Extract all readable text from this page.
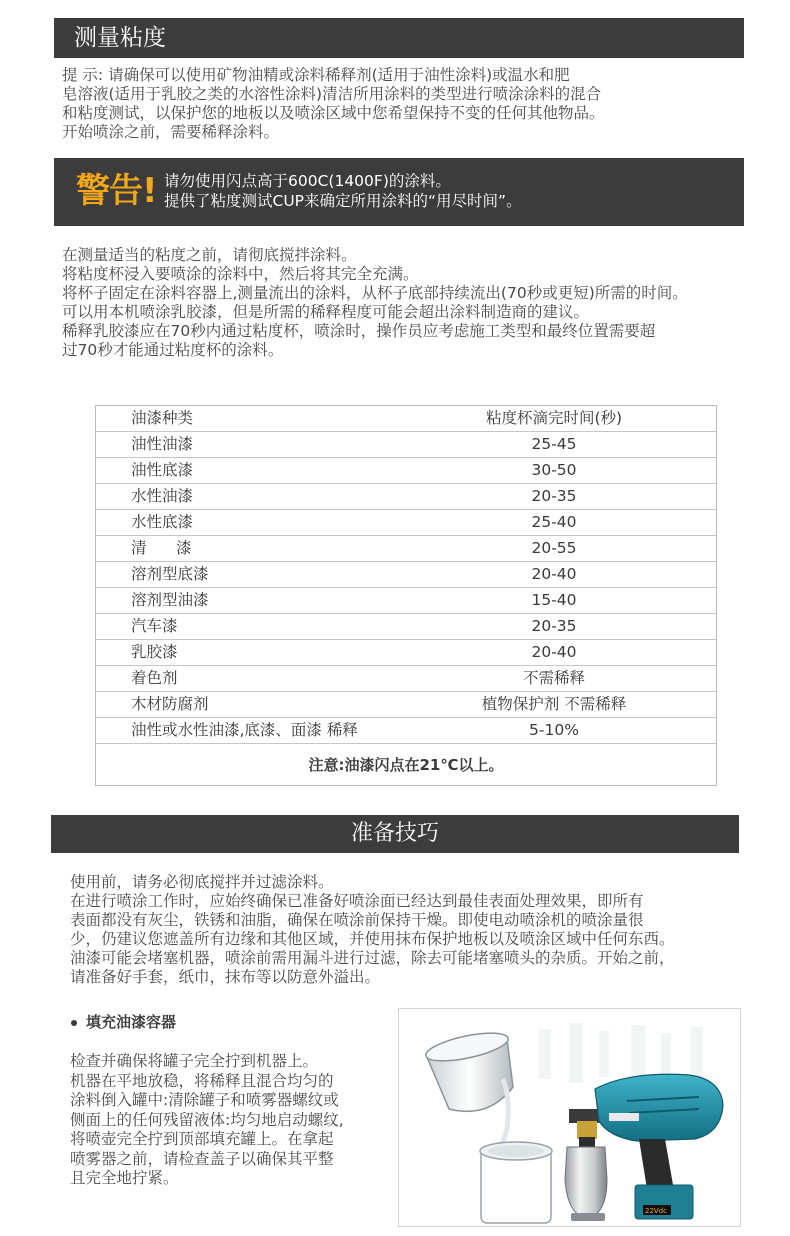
测量粘度
提 示: 请确保可以使用矿物油精或涂料稀释剂(适用于油性涂料)或温水和肥
皂溶液(适用于乳胶之类的水溶性涂料)清洁所用涂料的类型进行喷涂涂料的混合
和粘度测试，以保护您的地板以及喷涂区域中您希望保持不变的任何其他物品。
开始喷涂之前，需要稀释涂料。
警告! 请勿使用闪点高于600C(1400F)的涂料。
提供了粘度测试CUP来确定所用涂料的“用尽时间”。
在测量适当的粘度之前，请彻底搅拌涂料。
将粘度杯浸入要喷涂的涂料中，然后将其完全充满。
将杯子固定在涂料容器上,测量流出的涂料，从杯子底部持续流出(70秒或更短)所需的时间。
可以用本机喷涂乳胶漆，但是所需的稀释程度可能会超出涂料制造商的建议。
稀释乳胶漆应在70秒内通过粘度杯，喷涂时，操作员应考虑施工类型和最终位置需要超
过70秒才能通过粘度杯的涂料。
油漆种类	粘度杯滴完时间(秒)
油性油漆	25-45
油性底漆	30-50
水性油漆	20-35
水性底漆	25-40
清      漆	20-55
溶剂型底漆	20-40
溶剂型油漆	15-40
汽车漆	20-35
乳胶漆	20-40
着色剂	不需稀释
木材防腐剂	植物保护剂 不需稀释
油性或水性油漆,底漆、面漆 稀释	5-10%
注意:油漆闪点在21℃以上。
准备技巧
使用前，请务必彻底搅拌并过滤涂料。
在进行喷涂工作时，应始终确保已准备好喷涂面已经达到最佳表面处理效果，即所有
表面都没有灰尘，铁锈和油脂，确保在喷涂前保持干燥。即使电动喷涂机的喷涂量很
少，仍建议您遮盖所有边缘和其他区域，并使用抹布保护地板以及喷涂区域中任何东西。
油漆可能会堵塞机器，喷涂前需用漏斗进行过滤，除去可能堵塞喷头的杂质。开始之前，
请准备好手套，纸巾，抹布等以防意外溢出。
填充油漆容器
检查并确保将罐子完全拧到机器上。
机器在平地放稳，将稀释且混合均匀的
涂料倒入罐中:清除罐子和喷雾器螺纹或
侧面上的任何残留液体:均匀地启动螺纹,
将喷壶完全拧到顶部填充罐上。在拿起
喷雾器之前，请检查盖子以确保其平整
且完全地拧紧。
22Vdc
